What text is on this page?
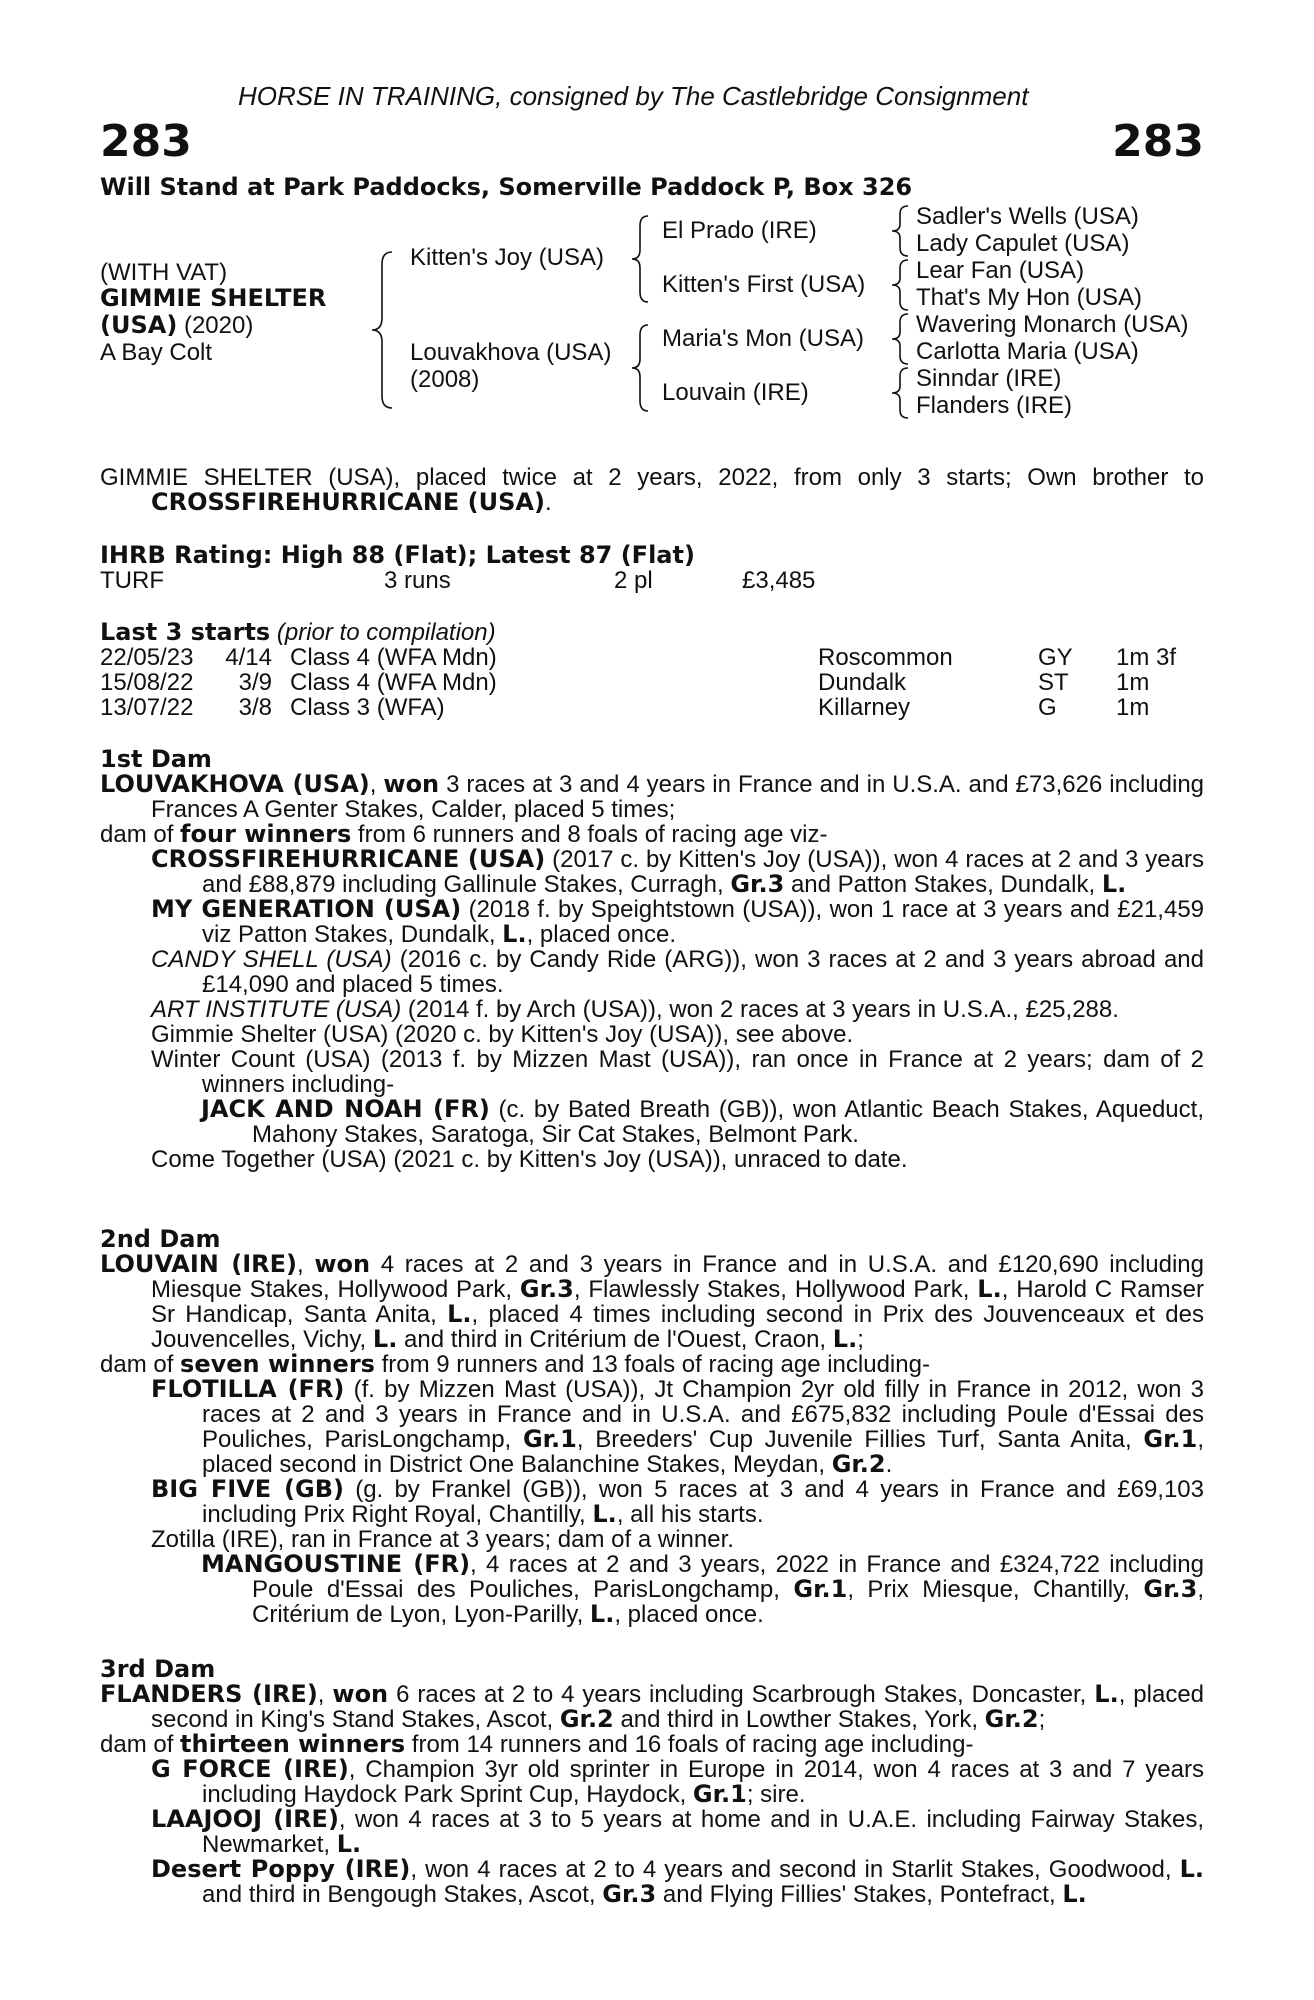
HORSE IN TRAINING, consigned by The Castlebridge Consignment
283	283
Will Stand at Park Paddocks, Somerville Paddock P, Box 326
(WITH VAT)
GIMMIE SHELTER
(USA) (2020)
A Bay Colt
Kitten's Joy (USA)
Louvakhova (USA)
(2008)
El Prado (IRE)
Kitten's First (USA)
Maria's Mon (USA)
Louvain (IRE)
Sadler's Wells (USA)
Lady Capulet (USA)
Lear Fan (USA)
That's My Hon (USA)
Wavering Monarch (USA)
Carlotta Maria (USA)
Sinndar (IRE)
Flanders (IRE)

GIMMIE SHELTER (USA), placed twice at 2 years, 2022, from only 3 starts; Own brother to CROSSFIREHURRICANE (USA).

IHRB Rating: High 88 (Flat); Latest 87 (Flat)
TURF	3 runs	2 pl	£3,485
Last 3 starts (prior to compilation)
22/05/23 4/14 Class 4 (WFA Mdn)	Roscommon	GY 1m 3f
15/08/22	3/9 Class 4 (WFA Mdn)	Dundalk	ST 1m
13/07/22	3/8 Class 3 (WFA)	Killarney	G 1m

1st Dam

LOUVAKHOVA (USA), won 3 races at 3 and 4 years in France and in U.S.A. and £73,626 including Frances A Genter Stakes, Calder, placed 5 times;

dam of four winners from 6 runners and 8 foals of racing age viz-

CROSSFIREHURRICANE (USA) (2017 c. by Kitten's Joy (USA)), won 4 races at 2 and 3 years and £88,879 including Gallinule Stakes, Curragh, Gr.3 and Patton Stakes, Dundalk, L.

MY GENERATION (USA) (2018 f. by Speightstown (USA)), won 1 race at 3 years and £21,459 viz Patton Stakes, Dundalk, L., placed once.

CANDY SHELL (USA) (2016 c. by Candy Ride (ARG)), won 3 races at 2 and 3 years abroad and £14,090 and placed 5 times.

ART INSTITUTE (USA) (2014 f. by Arch (USA)), won 2 races at 3 years in U.S.A., £25,288.

Gimmie Shelter (USA) (2020 c. by Kitten's Joy (USA)), see above.

Winter Count (USA) (2013 f. by Mizzen Mast (USA)), ran once in France at 2 years; dam of 2 winners including-

JACK AND NOAH (FR) (c. by Bated Breath (GB)), won Atlantic Beach Stakes, Aqueduct, Mahony Stakes, Saratoga, Sir Cat Stakes, Belmont Park.

Come Together (USA) (2021 c. by Kitten's Joy (USA)), unraced to date.

2nd Dam

LOUVAIN (IRE), won 4 races at 2 and 3 years in France and in U.S.A. and £120,690 including Miesque Stakes, Hollywood Park, Gr.3, Flawlessly Stakes, Hollywood Park, L., Harold C Ramser Sr Handicap, Santa Anita, L., placed 4 times including second in Prix des Jouvenceaux et des Jouvencelles, Vichy, L. and third in Critérium de l'Ouest, Craon, L.;

dam of seven winners from 9 runners and 13 foals of racing age including-

FLOTILLA (FR) (f. by Mizzen Mast (USA)), Jt Champion 2yr old filly in France in 2012, won 3 races at 2 and 3 years in France and in U.S.A. and £675,832 including Poule d'Essai des Pouliches, ParisLongchamp, Gr.1, Breeders' Cup Juvenile Fillies Turf, Santa Anita, Gr.1, placed second in District One Balanchine Stakes, Meydan, Gr.2.

BIG FIVE (GB) (g. by Frankel (GB)), won 5 races at 3 and 4 years in France and £69,103 including Prix Right Royal, Chantilly, L., all his starts.

Zotilla (IRE), ran in France at 3 years; dam of a winner.

MANGOUSTINE (FR), 4 races at 2 and 3 years, 2022 in France and £324,722 including Poule d'Essai des Pouliches, ParisLongchamp, Gr.1, Prix Miesque, Chantilly, Gr.3, Critérium de Lyon, Lyon-Parilly, L., placed once.

3rd Dam

FLANDERS (IRE), won 6 races at 2 to 4 years including Scarbrough Stakes, Doncaster, L., placed second in King's Stand Stakes, Ascot, Gr.2 and third in Lowther Stakes, York, Gr.2;

dam of thirteen winners from 14 runners and 16 foals of racing age including-

G FORCE (IRE), Champion 3yr old sprinter in Europe in 2014, won 4 races at 3 and 7 years including Haydock Park Sprint Cup, Haydock, Gr.1; sire.

LAAJOOJ (IRE), won 4 races at 3 to 5 years at home and in U.A.E. including Fairway Stakes, Newmarket, L.

Desert Poppy (IRE), won 4 races at 2 to 4 years and second in Starlit Stakes, Goodwood, L. and third in Bengough Stakes, Ascot, Gr.3 and Flying Fillies' Stakes, Pontefract, L.
